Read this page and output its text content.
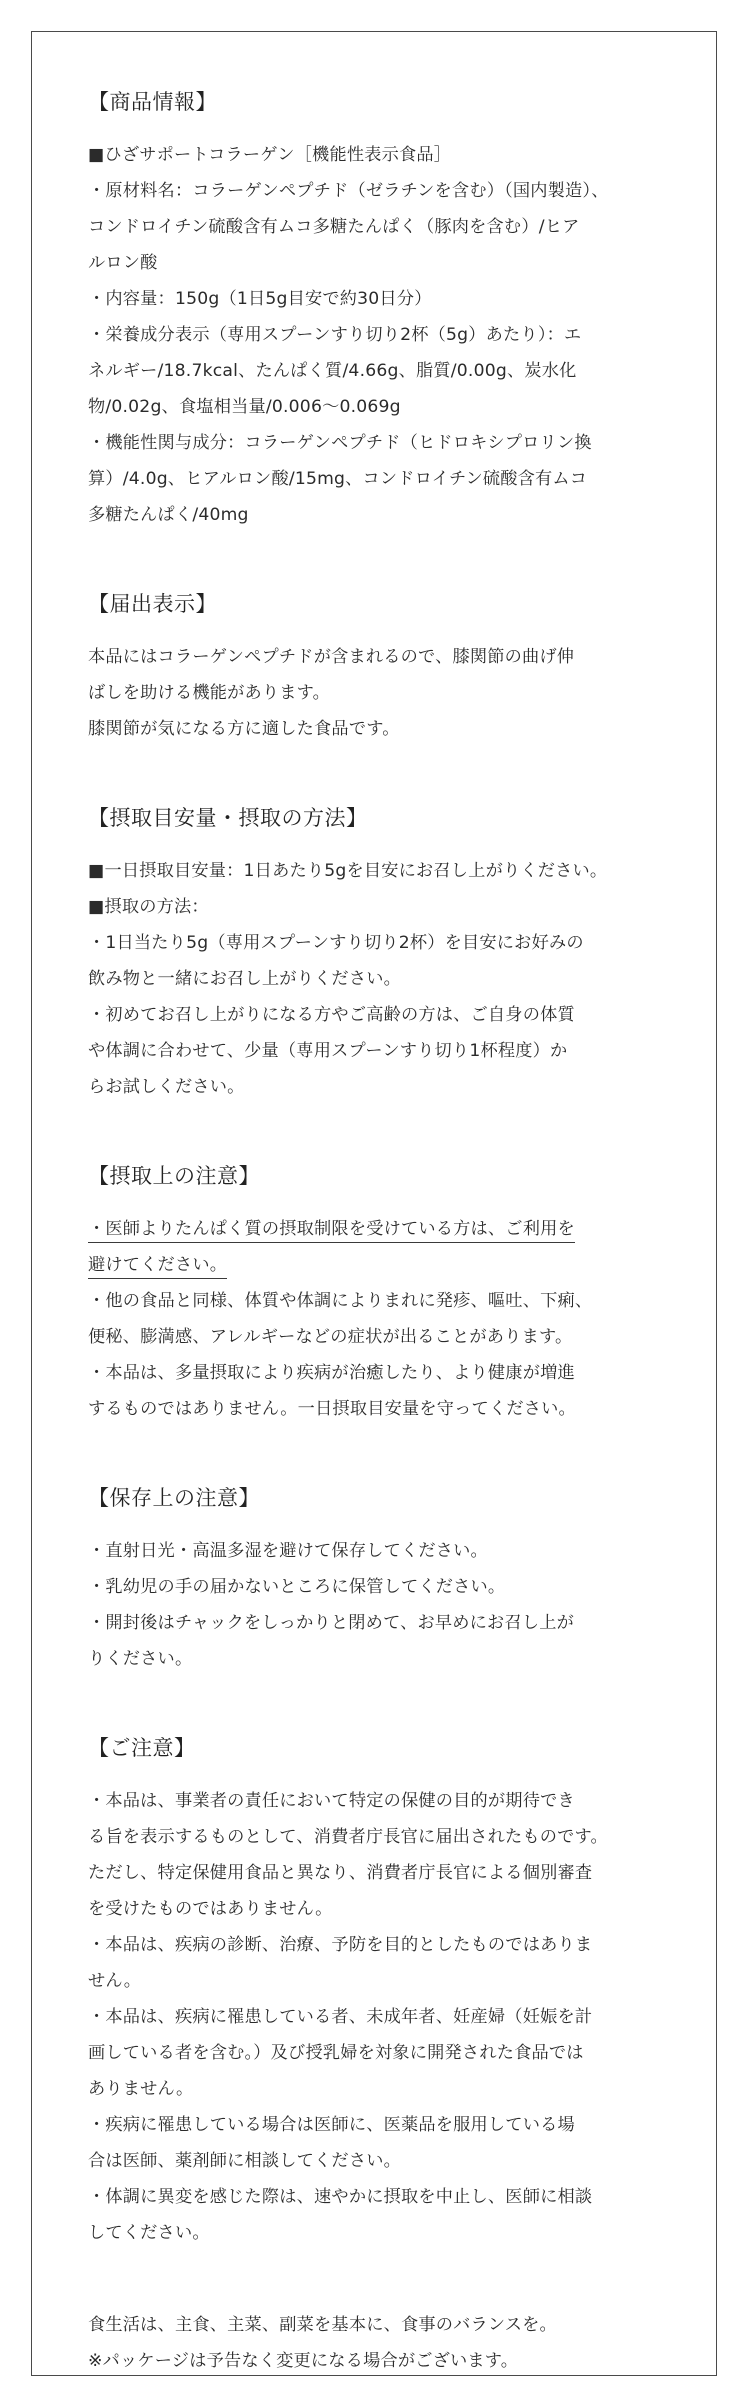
【商品情報】

■ひざサポートコラーゲン［機能性表示食品］

・原材料名：コラーゲンペプチド（ゼラチンを含む）（国内製造）、

コンドロイチン硫酸含有ムコ多糖たんぱく（豚肉を含む）/ヒア

ルロン酸

・内容量：150g（1日5g目安で約30日分）

・栄養成分表示（専用スプーンすり切り2杯（5g）あたり）：エ

ネルギー/18.7kcal、たんぱく質/4.66g、脂質/0.00g、炭水化

物/0.02g、食塩相当量/0.006～0.069g

・機能性関与成分：コラーゲンペプチド（ヒドロキシプロリン換

算）/4.0g、ヒアルロン酸/15mg、コンドロイチン硫酸含有ムコ

多糖たんぱく/40mg

【届出表示】

本品にはコラーゲンペプチドが含まれるので、膝関節の曲げ伸

ばしを助ける機能があります。

膝関節が気になる方に適した食品です。

【摂取目安量・摂取の方法】

■一日摂取目安量：1日あたり5gを目安にお召し上がりください。

■摂取の方法：

・1日当たり5g（専用スプーンすり切り2杯）を目安にお好みの

飲み物と一緒にお召し上がりください。

・初めてお召し上がりになる方やご高齢の方は、ご自身の体質

や体調に合わせて、少量（専用スプーンすり切り1杯程度）か

らお試しください。

【摂取上の注意】

・医師よりたんぱく質の摂取制限を受けている方は、ご利用を

避けてください。

・他の食品と同様、体質や体調によりまれに発疹、嘔吐、下痢、

便秘、膨満感、アレルギーなどの症状が出ることがあります。

・本品は、多量摂取により疾病が治癒したり、より健康が増進

するものではありません。一日摂取目安量を守ってください。

【保存上の注意】

・直射日光・高温多湿を避けて保存してください。

・乳幼児の手の届かないところに保管してください。

・開封後はチャックをしっかりと閉めて、お早めにお召し上が

りください。

【ご注意】

・本品は、事業者の責任において特定の保健の目的が期待でき

る旨を表示するものとして、消費者庁長官に届出されたものです。

ただし、特定保健用食品と異なり、消費者庁長官による個別審査

を受けたものではありません。

・本品は、疾病の診断、治療、予防を目的としたものではありま

せん。

・本品は、疾病に罹患している者、未成年者、妊産婦（妊娠を計

画している者を含む。）及び授乳婦を対象に開発された食品では

ありません。

・疾病に罹患している場合は医師に、医薬品を服用している場

合は医師、薬剤師に相談してください。

・体調に異変を感じた際は、速やかに摂取を中止し、医師に相談

してください。

食生活は、主食、主菜、副菜を基本に、食事のバランスを。

※パッケージは予告なく変更になる場合がございます。
